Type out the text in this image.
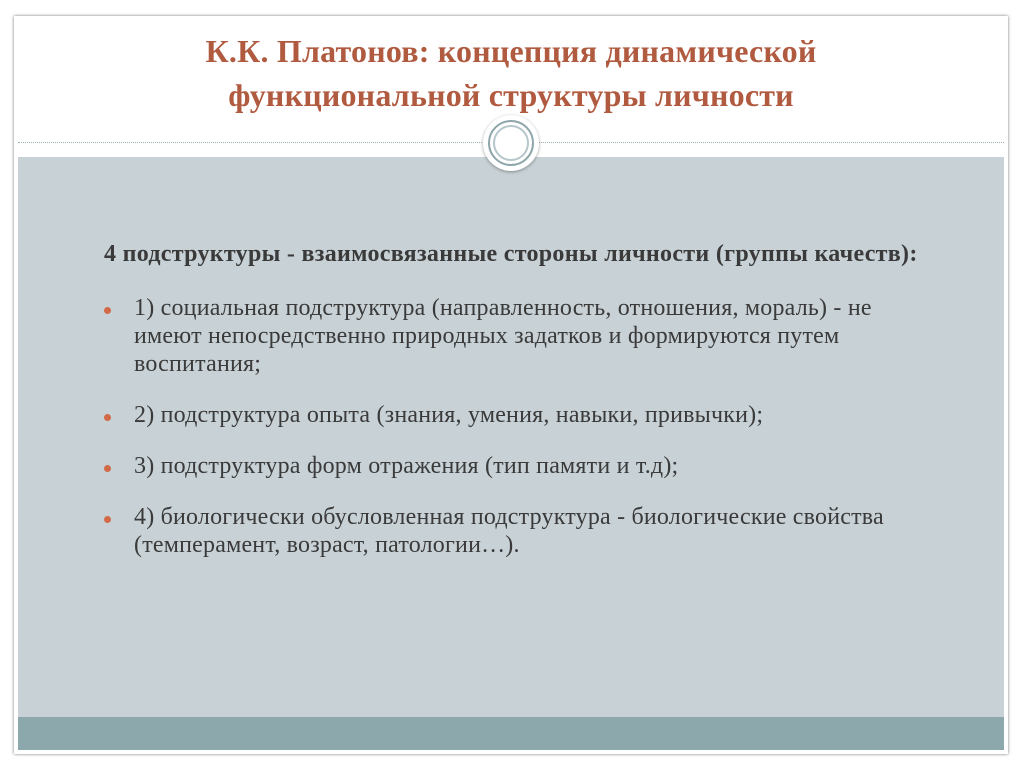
К.К. Платонов: концепция динамической
функциональной структуры личности

4 подструктуры - взаимосвязанные стороны личности (группы качеств):

1) социальная подструктура (направленность, отношения, мораль) - не имеют непосредственно природных задатков и формируются путем воспитания;
2) подструктура опыта (знания, умения, навыки, привычки);
3) подструктура форм отражения (тип памяти и т.д);
4) биологически обусловленная подструктура - биологические свойства (темперамент, возраст, патологии…).
